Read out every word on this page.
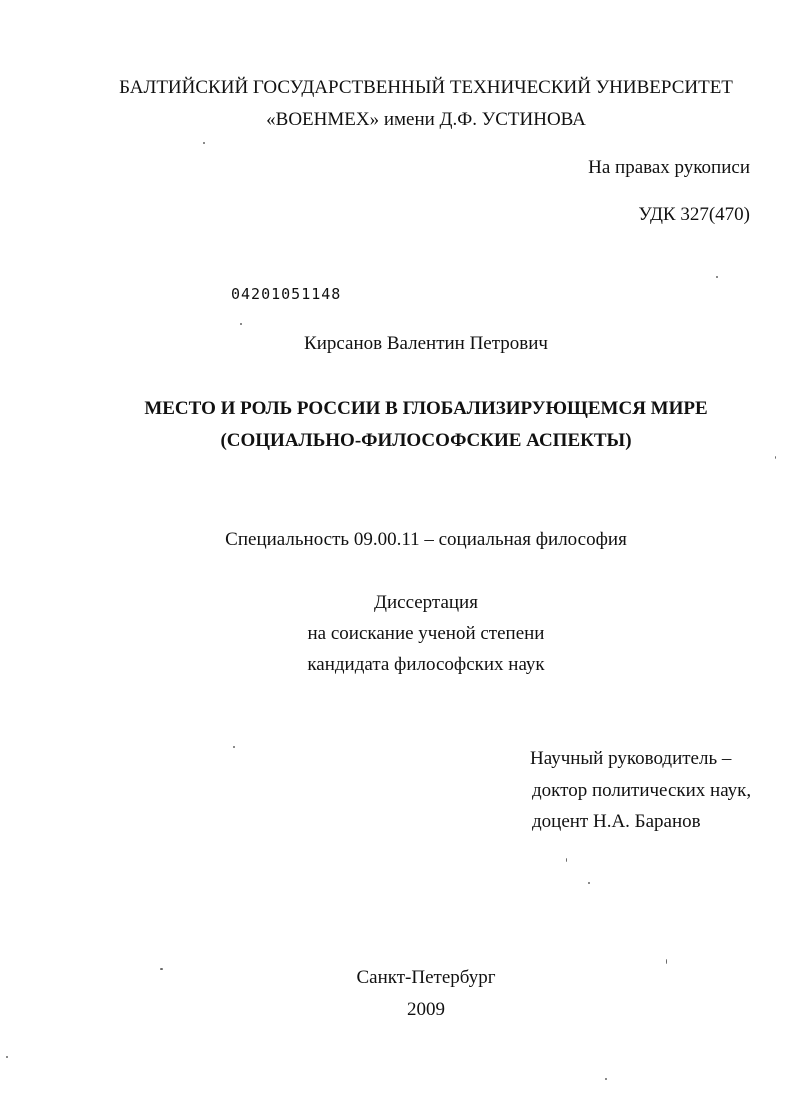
БАЛТИЙСКИЙ ГОСУДАРСТВЕННЫЙ ТЕХНИЧЕСКИЙ УНИВЕРСИТЕТ
«ВОЕНМЕХ» имени Д.Ф. УСТИНОВА
На правах рукописи
УДК 327(470)
04201051148
Кирсанов Валентин Петрович
МЕСТО И РОЛЬ РОССИИ В ГЛОБАЛИЗИРУЮЩЕМСЯ МИРЕ
(СОЦИАЛЬНО-ФИЛОСОФСКИЕ АСПЕКТЫ)
Специальность 09.00.11 – социальная философия
Диссертация
на соискание ученой степени
кандидата философских наук
Научный руководитель –
доктор политических наук,
доцент Н.А. Баранов
Санкт-Петербург
2009
